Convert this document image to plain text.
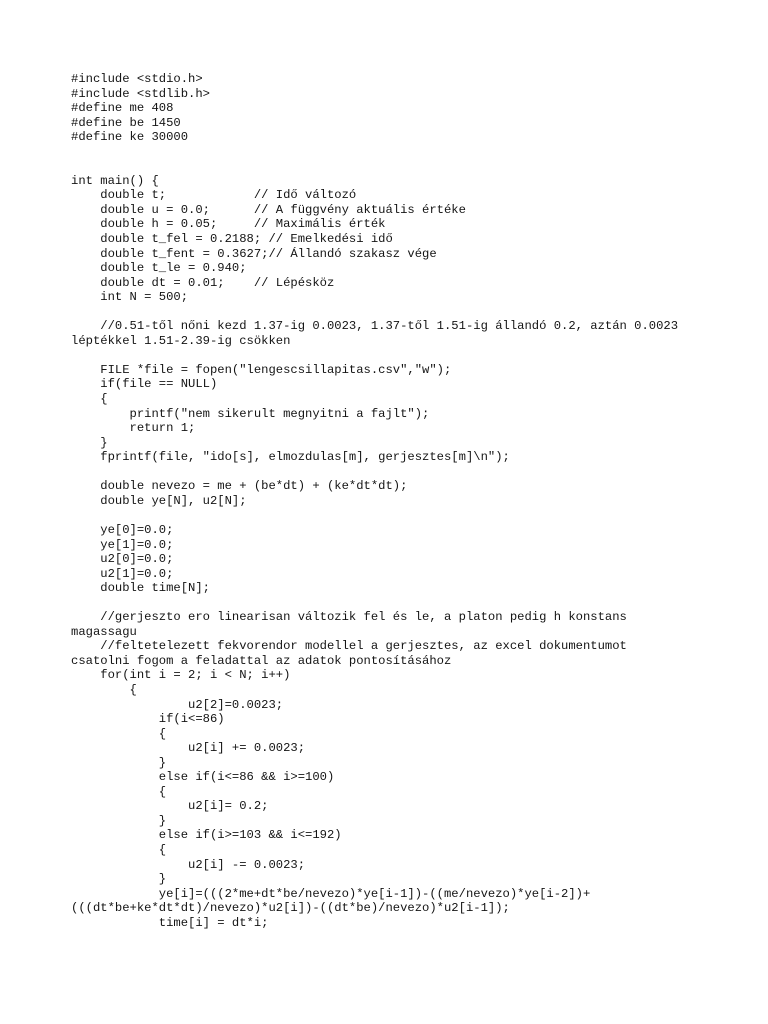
#include <stdio.h>
#include <stdlib.h>
#define me 408
#define be 1450
#define ke 30000
int main() {
double t;            // Idő változó
double u = 0.0;      // A függvény aktuális értéke
double h = 0.05;     // Maximális érték
double t_fel = 0.2188; // Emelkedési idő
double t_fent = 0.3627;// Állandó szakasz vége
double t_le = 0.940;
double dt = 0.01;    // Lépésköz
int N = 500;
//0.51-től nőni kezd 1.37-ig 0.0023, 1.37-től 1.51-ig állandó 0.2, aztán 0.0023
léptékkel 1.51-2.39-ig csökken
FILE *file = fopen("lengescsillapitas.csv","w");
if(file == NULL)
{
printf("nem sikerult megnyitni a fajlt");
return 1;
}
fprintf(file, "ido[s], elmozdulas[m], gerjesztes[m]\n");
double nevezo = me + (be*dt) + (ke*dt*dt);
double ye[N], u2[N];
ye[0]=0.0;
ye[1]=0.0;
u2[0]=0.0;
u2[1]=0.0;
double time[N];
//gerjeszto ero linearisan változik fel és le, a platon pedig h konstans
magassagu
//feltetelezett fekvorendor modellel a gerjesztes, az excel dokumentumot
csatolni fogom a feladattal az adatok pontosításához
for(int i = 2; i < N; i++)
{
u2[2]=0.0023;
if(i<=86)
{
u2[i] += 0.0023;
}
else if(i<=86 && i>=100)
{
u2[i]= 0.2;
}
else if(i>=103 && i<=192)
{
u2[i] -= 0.0023;
}
ye[i]=(((2*me+dt*be/nevezo)*ye[i-1])-((me/nevezo)*ye[i-2])+
(((dt*be+ke*dt*dt)/nevezo)*u2[i])-((dt*be)/nevezo)*u2[i-1]);
time[i] = dt*i;
